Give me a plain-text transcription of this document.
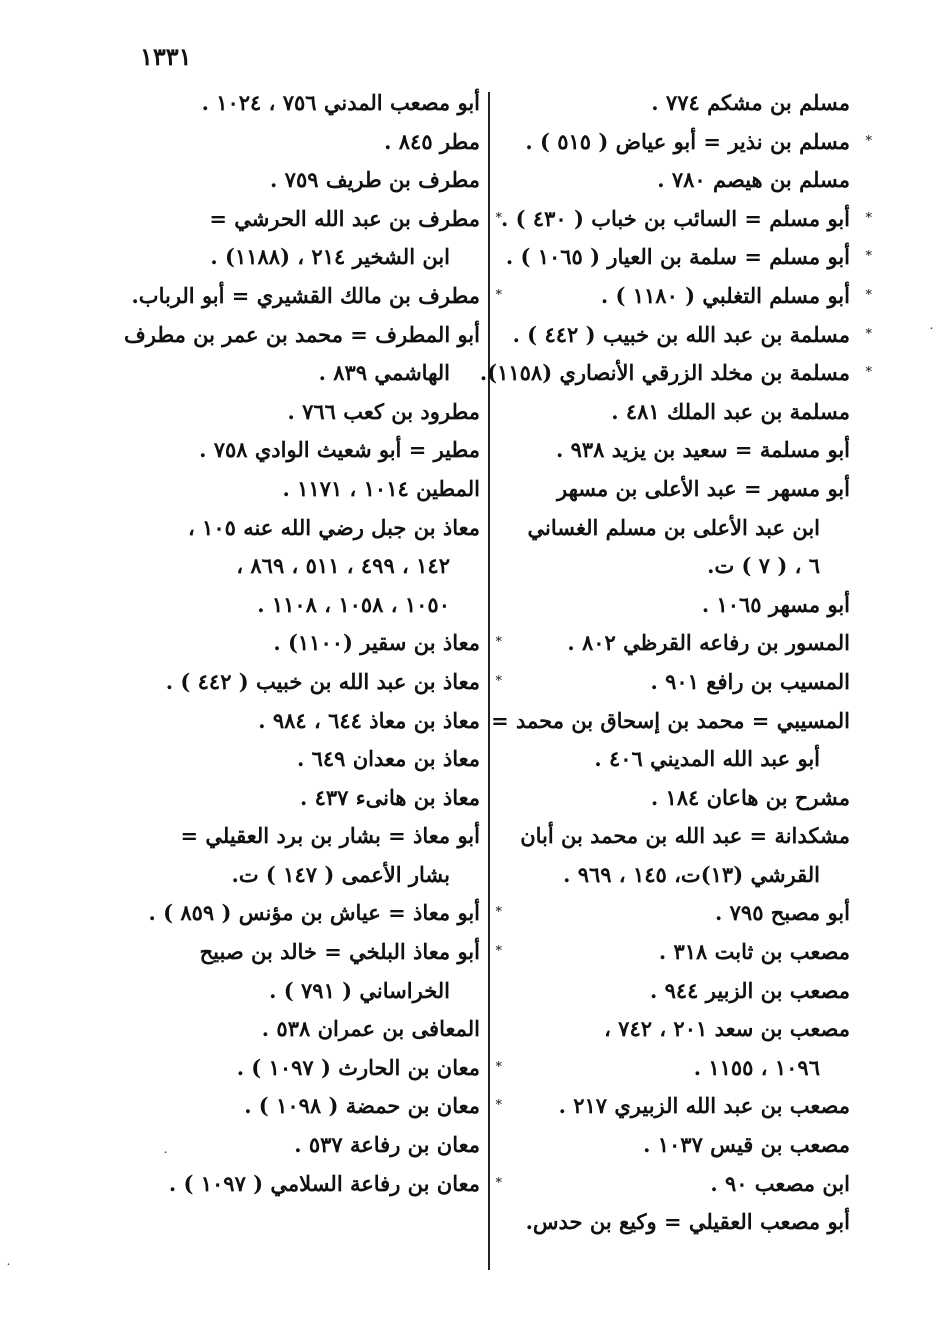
١٣٣١
مسلم بن مشكم ٧٧٤ .
*
مسلم بن نذير = أبو عياض ( ٥١٥ ) .
مسلم بن هيصم ٧٨٠ .
*
أبو مسلم = السائب بن خباب ( ٤٣٠ ) .
*
أبو مسلم = سلمة بن العيار ( ١٠٦٥ ) .
*
أبو مسلم التغلبي ( ١١٨٠ ) .
*
مسلمة بن عبد الله بن خبيب ( ٤٤٢ ) .
*
مسلمة بن مخلد الزرقي الأنصاري (١١٥٨).
مسلمة بن عبد الملك ٤٨١ .
أبو مسلمة = سعيد بن يزيد ٩٣٨ .
أبو مسهر = عبد الأعلى بن مسهر
ابن عبد الأعلى بن مسلم الغساني
٦ ، ( ٧ ) ت.
أبو مسهر ١٠٦٥ .
المسور بن رفاعه القرظي ٨٠٢ .
المسيب بن رافع ٩٠١ .
المسيبي = محمد بن إسحاق بن محمد =
أبو عبد الله المديني ٤٠٦ .
مشرح بن هاعان ١٨٤ .
مشكدانة = عبد الله بن محمد بن أبان
القرشي (١٣)ت، ١٤٥ ، ٩٦٩ .
أبو مصبح ٧٩٥ .
مصعب بن ثابت ٣١٨ .
مصعب بن الزبير ٩٤٤ .
مصعب بن سعد ٢٠١ ، ٧٤٢ ،
١٠٩٦ ، ١١٥٥ .
مصعب بن عبد الله الزبيري ٢١٧ .
مصعب بن قيس ١٠٣٧ .
ابن مصعب ٩٠ .
أبو مصعب العقيلي = وكيع بن حدس.
أبو مصعب المدني ٧٥٦ ، ١٠٢٤ .
مطر ٨٤٥ .
مطرف بن طريف ٧٥٩ .
*
مطرف بن عبد الله الحرشي =
ابن الشخير ٢١٤ ، (١١٨٨) .
*
مطرف بن مالك القشيري = أبو الرباب.
أبو المطرف = محمد بن عمر بن مطرف
الهاشمي ٨٣٩ .
مطرود بن كعب ٧٦٦ .
مطير = أبو شعيث الوادي ٧٥٨ .
المطين ١٠١٤ ، ١١٧١ .
معاذ بن جبل رضي الله عنه ١٠٥ ،
١٤٢ ، ٤٩٩ ، ٥١١ ، ٨٦٩ ،
١٠٥٠ ، ١٠٥٨ ، ١١٠٨ .
*
معاذ بن سقير (١١٠٠) .
*
معاذ بن عبد الله بن خبيب ( ٤٤٢ ) .
معاذ بن معاذ ٦٤٤ ، ٩٨٤ .
معاذ بن معدان ٦٤٩ .
معاذ بن هانىء ٤٣٧ .
أبو معاذ = بشار بن برد العقيلي =
بشار الأعمى ( ١٤٧ ) ت.
*
أبو معاذ = عياش بن مؤنس ( ٨٥٩ ) .
*
أبو معاذ البلخي = خالد بن صبيح
الخراساني ( ٧٩١ ) .
المعافى بن عمران ٥٣٨ .
*
معان بن الحارث ( ١٠٩٧ ) .
*
معان بن حمضة ( ١٠٩٨ ) .
معان بن رفاعة ٥٣٧ .
*
معان بن رفاعة السلامي ( ١٠٩٧ ) .
˙
˙
˙
